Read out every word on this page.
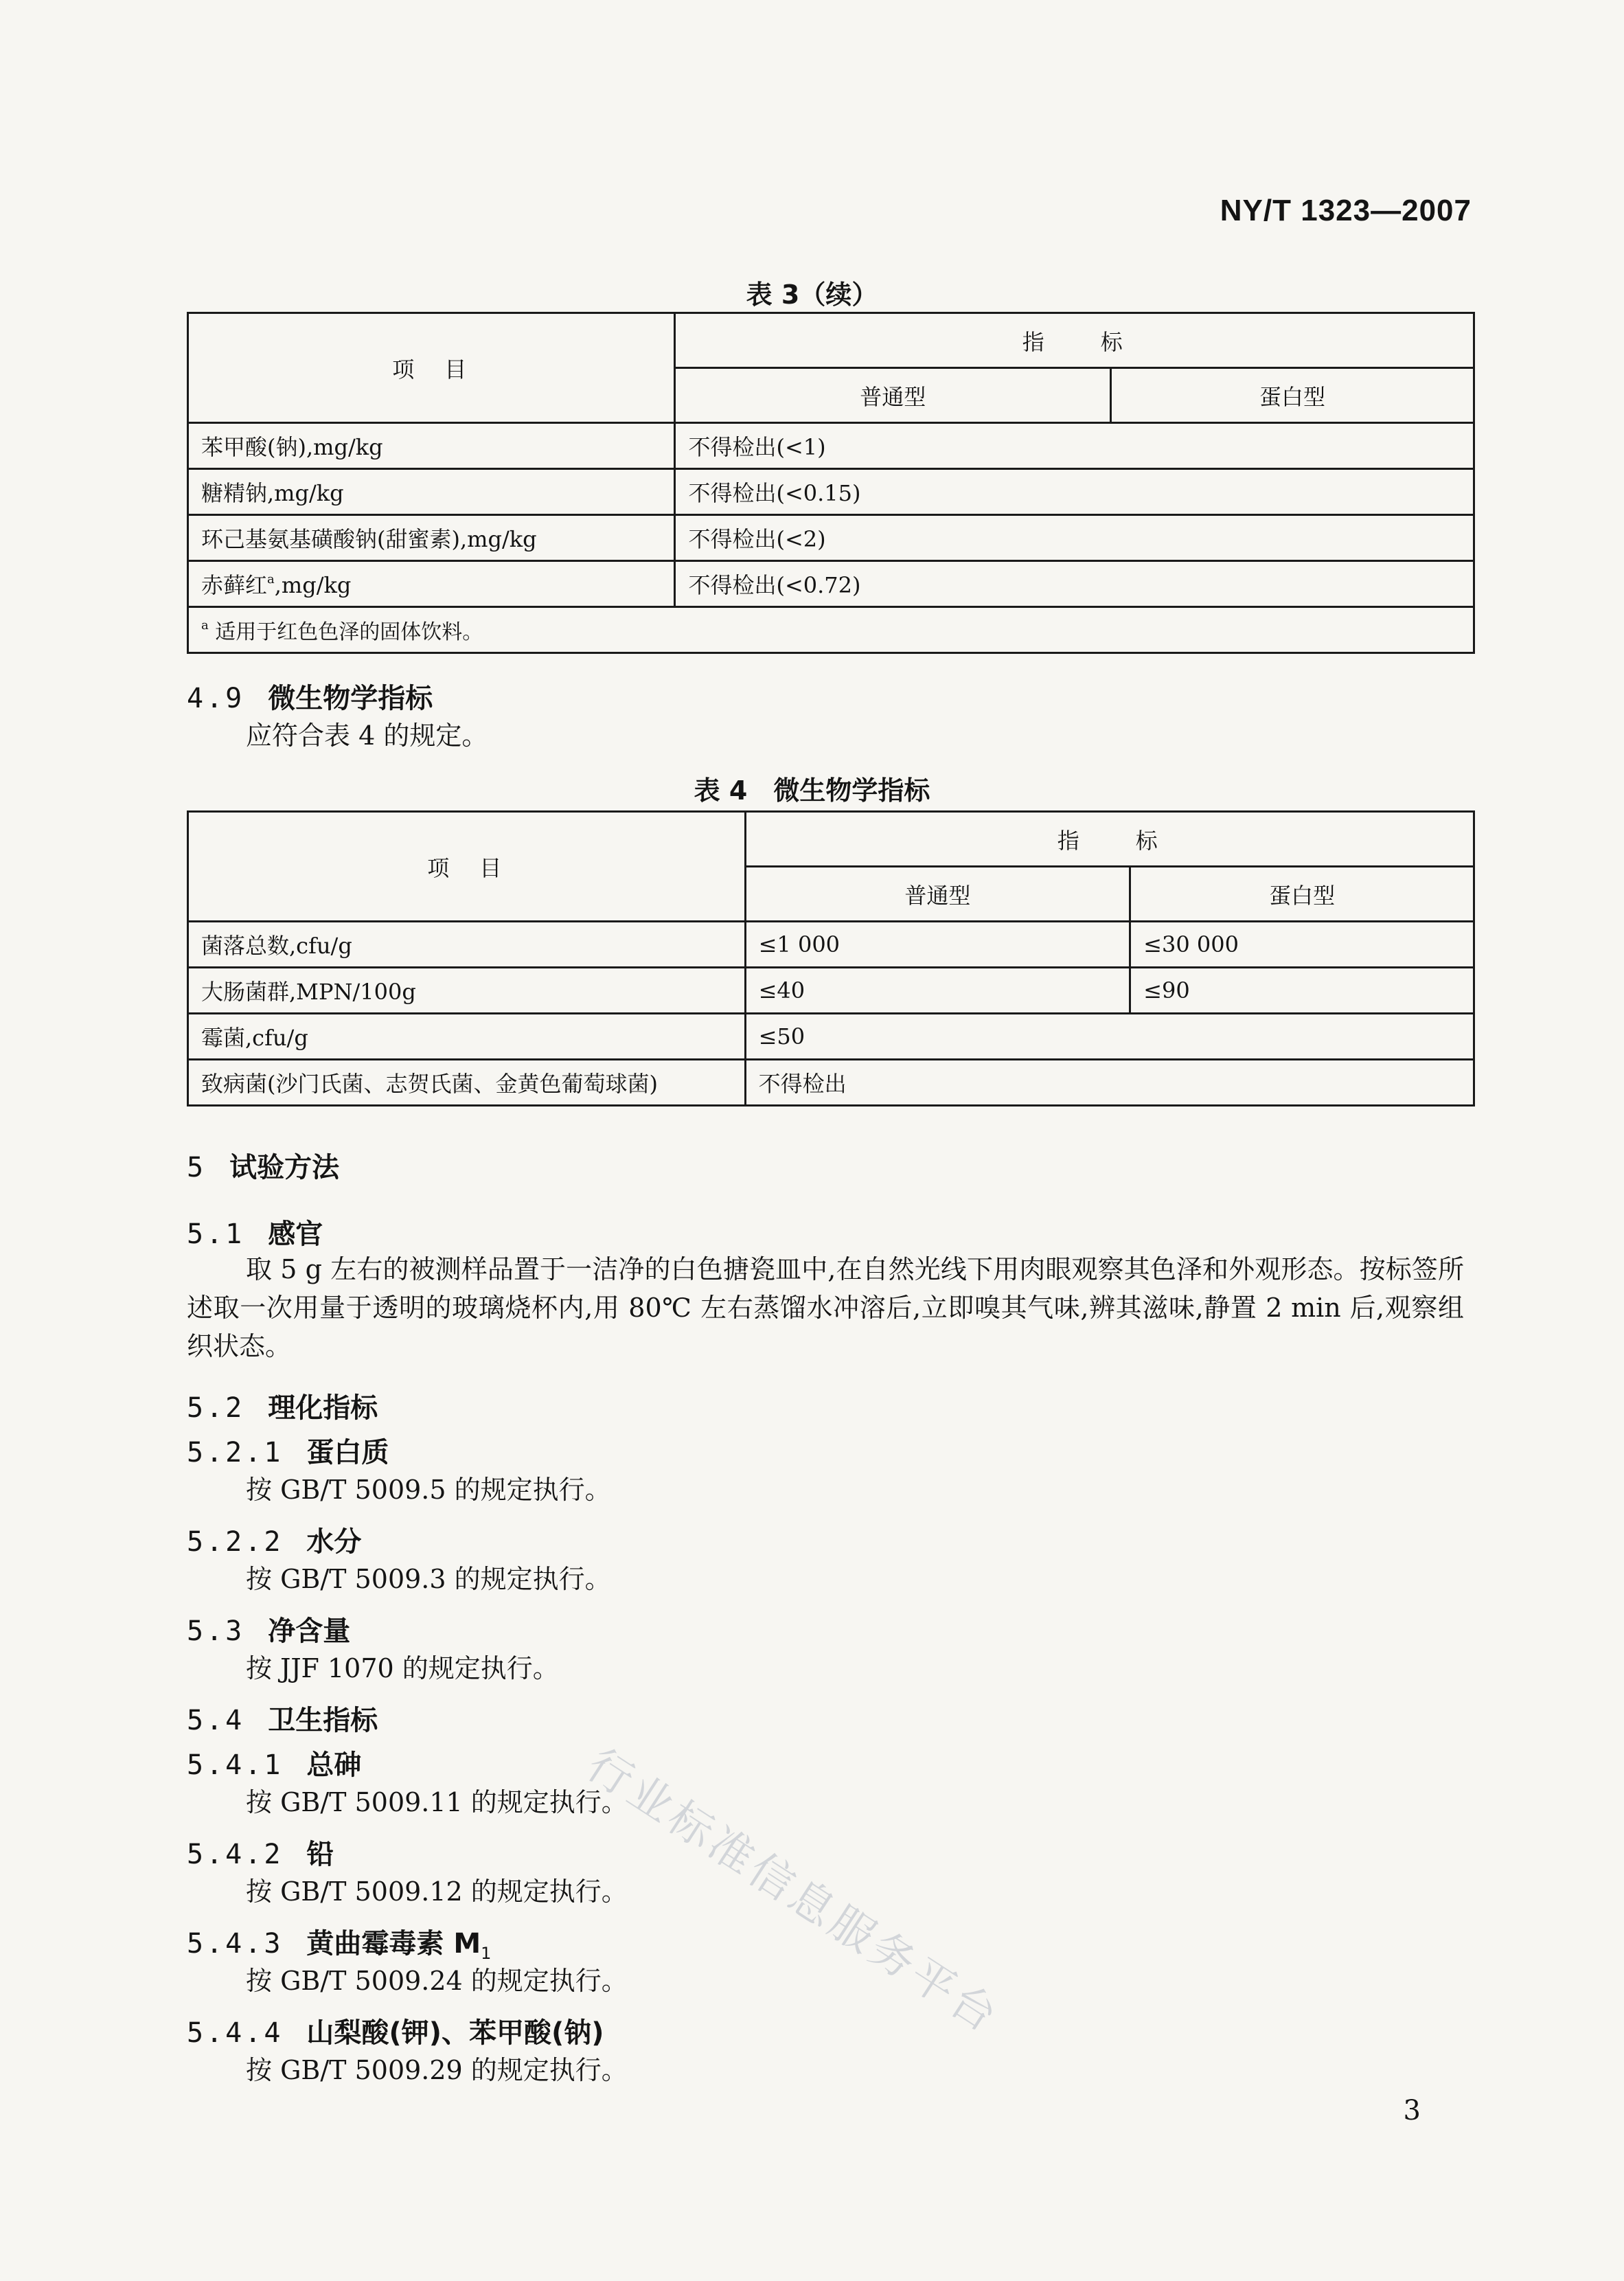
NY/T 1323—2007
表 3（续）
项　目	指　　标	
	普通型	蛋白型
苯甲酸(钠),mg/kg	不得检出(<1)	
糖精钠,mg/kg	不得检出(<0.15)	
环己基氨基磺酸钠(甜蜜素),mg/kg	不得检出(<2)	
赤藓红$^a$,mg/kg	不得检出(<0.72)	
$^a$ 适用于红色色泽的固体饮料。		
4.9 微生物学指标
应符合表 4 的规定。
表 4　微生物学指标
项　目	指　　标	
	普通型	蛋白型
菌落总数,cfu/g	≤1 000	≤30 000
大肠菌群,MPN/100g	≤40	≤90
霉菌,cfu/g	≤50	
致病菌(沙门氏菌、志贺氏菌、金黄色葡萄球菌)	不得检出	
5 试验方法
5.1 感官
取 5 g 左右的被测样品置于一洁净的白色搪瓷皿中,在自然光线下用肉眼观察其色泽和外观形态。按标签所述取一次用量于透明的玻璃烧杯内,用 80℃ 左右蒸馏水冲溶后,立即嗅其气味,辨其滋味,静置 2 min 后,观察组织状态。
5.2 理化指标
5.2.1 蛋白质
按 GB/T 5009.5 的规定执行。
5.2.2 水分
按 GB/T 5009.3 的规定执行。
5.3 净含量
按 JJF 1070 的规定执行。
5.4 卫生指标
5.4.1 总砷
按 GB/T 5009.11 的规定执行。
5.4.2 铅
按 GB/T 5009.12 的规定执行。
5.4.3 黄曲霉毒素 $M_1$
按 GB/T 5009.24 的规定执行。
5.4.4 山梨酸(钾)、苯甲酸(钠)
按 GB/T 5009.29 的规定执行。
行业标准信息服务平台
3
